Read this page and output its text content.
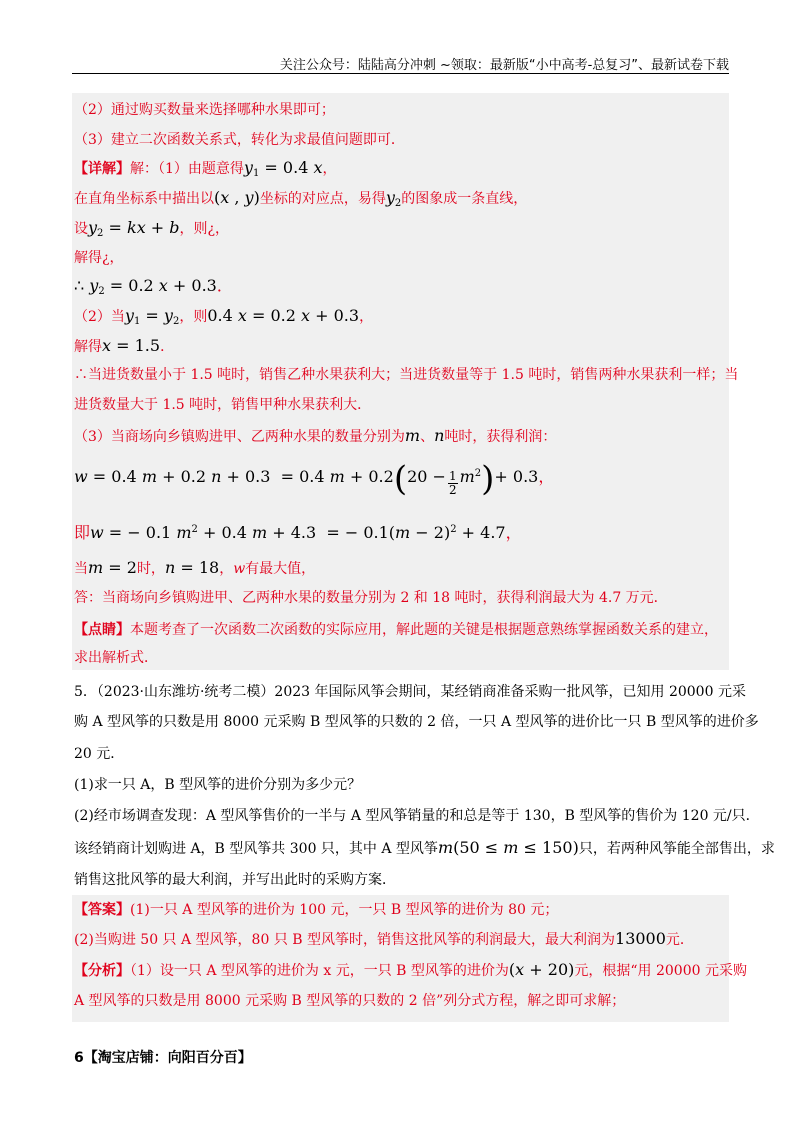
关注公众号：陆陆高分冲刺 ~领取：最新版“小中高考-总复习”、最新试卷下载
（2）通过购买数量来选择哪种水果即可；
（3）建立二次函数关系式，转化为求最值问题即可．
【详解】解：（1）由题意得$y_1 = 0.4$ x，
在直角坐标系中描出以(x , y)坐标的对应点，易得$y_2$的图象成一条直线，
设$y_2$ = kx + b，则¿，
解得¿，
∴ $y_2 = 0.2$ x + 0.3．
（2）当$y_1 = y_2$，则0.4 x = 0.2 x + 0.3，
解得x = 1.5．
∴当进货数量小于 1.5 吨时，销售乙种水果获利大；当进货数量等于 1.5 吨时，销售两种水果获利一样；当
进货数量大于 1.5 吨时，销售甲种水果获利大．
（3）当商场向乡镇购进甲、乙两种水果的数量分别为m、n吨时，获得利润：
w = 0.4 m + 0.2 n + 0.3  = 0.4 $m + 0.2(20 - \frac{1}{2} m^2)+ 0.3$，
即w = − 0.1 $m^2 + 0.4$ m + 4.3  = − $0.1(m - 2)^2 + 4.7$，
当m = 2时，n = 18，w有最大值，
答：当商场向乡镇购进甲、乙两种水果的数量分别为 2 和 18 吨时，获得利润最大为 4.7 万元．
【点睛】本题考查了一次函数二次函数的实际应用，解此题的关键是根据题意熟练掌握函数关系的建立，
求出解析式．
5．（2023·山东潍坊·统考二模）2023 年国际风筝会期间，某经销商准备采购一批风筝，已知用 20000 元采
购 A 型风筝的只数是用 8000 元采购 B 型风筝的只数的 2 倍，一只 A 型风筝的进价比一只 B 型风筝的进价多
20 元．
(1)求一只 A，B 型风筝的进价分别为多少元？
(2)经市场调查发现：A 型风筝售价的一半与 A 型风筝销量的和总是等于 130，B 型风筝的售价为 120 元/只．
该经销商计划购进 A，B 型风筝共 300 只，其中 A 型风筝m(50 ≤ m ≤ 150)只，若两种风筝能全部售出，求
销售这批风筝的最大利润，并写出此时的采购方案．
【答案】(1)一只 A 型风筝的进价为 100 元，一只 B 型风筝的进价为 80 元；
(2)当购进 50 只 A 型风筝，80 只 B 型风筝时，销售这批风筝的利润最大，最大利润为13000元．
【分析】（1）设一只 A 型风筝的进价为 x 元，一只 B 型风筝的进价为(x + 20)元，根据“用 20000 元采购
A 型风筝的只数是用 8000 元采购 B 型风筝的只数的 2 倍”列分式方程，解之即可求解；
6【淘宝店铺：向阳百分百】
